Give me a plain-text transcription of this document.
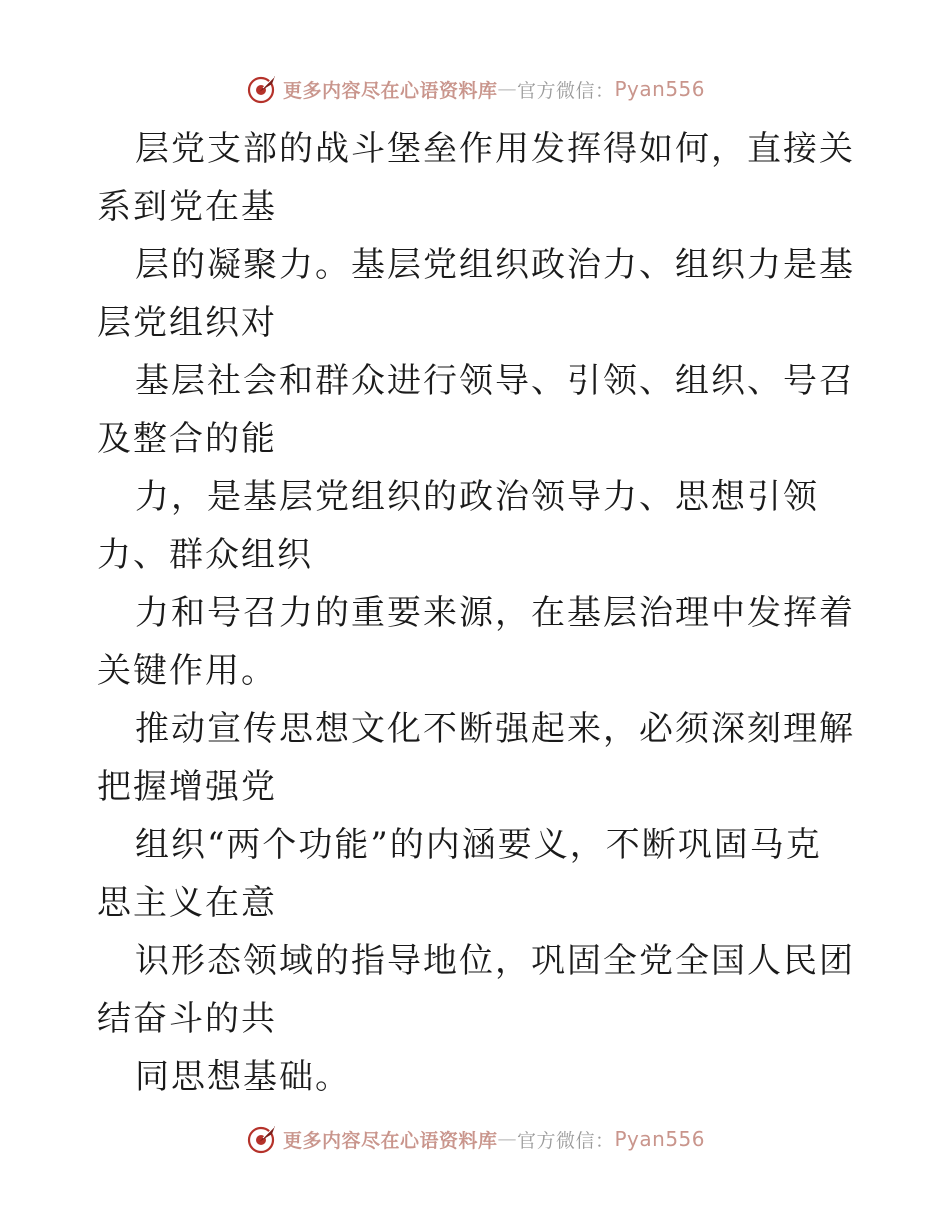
更多内容尽在心语资料库 — 官方微信： Pyan556

层党支部的战斗堡垒作用发挥得如何，直接关系到党在基

层的凝聚力。基层党组织政治力、组织力是基层党组织对

基层社会和群众进行领导、引领、组织、号召及整合的能

力，是基层党组织的政治领导力、思想引领力、群众组织

力和号召力的重要来源，在基层治理中发挥着关键作用。

推动宣传思想文化不断强起来，必须深刻理解把握增强党

组织“两个功能”的内涵要义，不断巩固马克思主义在意

识形态领域的指导地位，巩固全党全国人民团结奋斗的共

同思想基础。

更多内容尽在心语资料库 — 官方微信： Pyan556
